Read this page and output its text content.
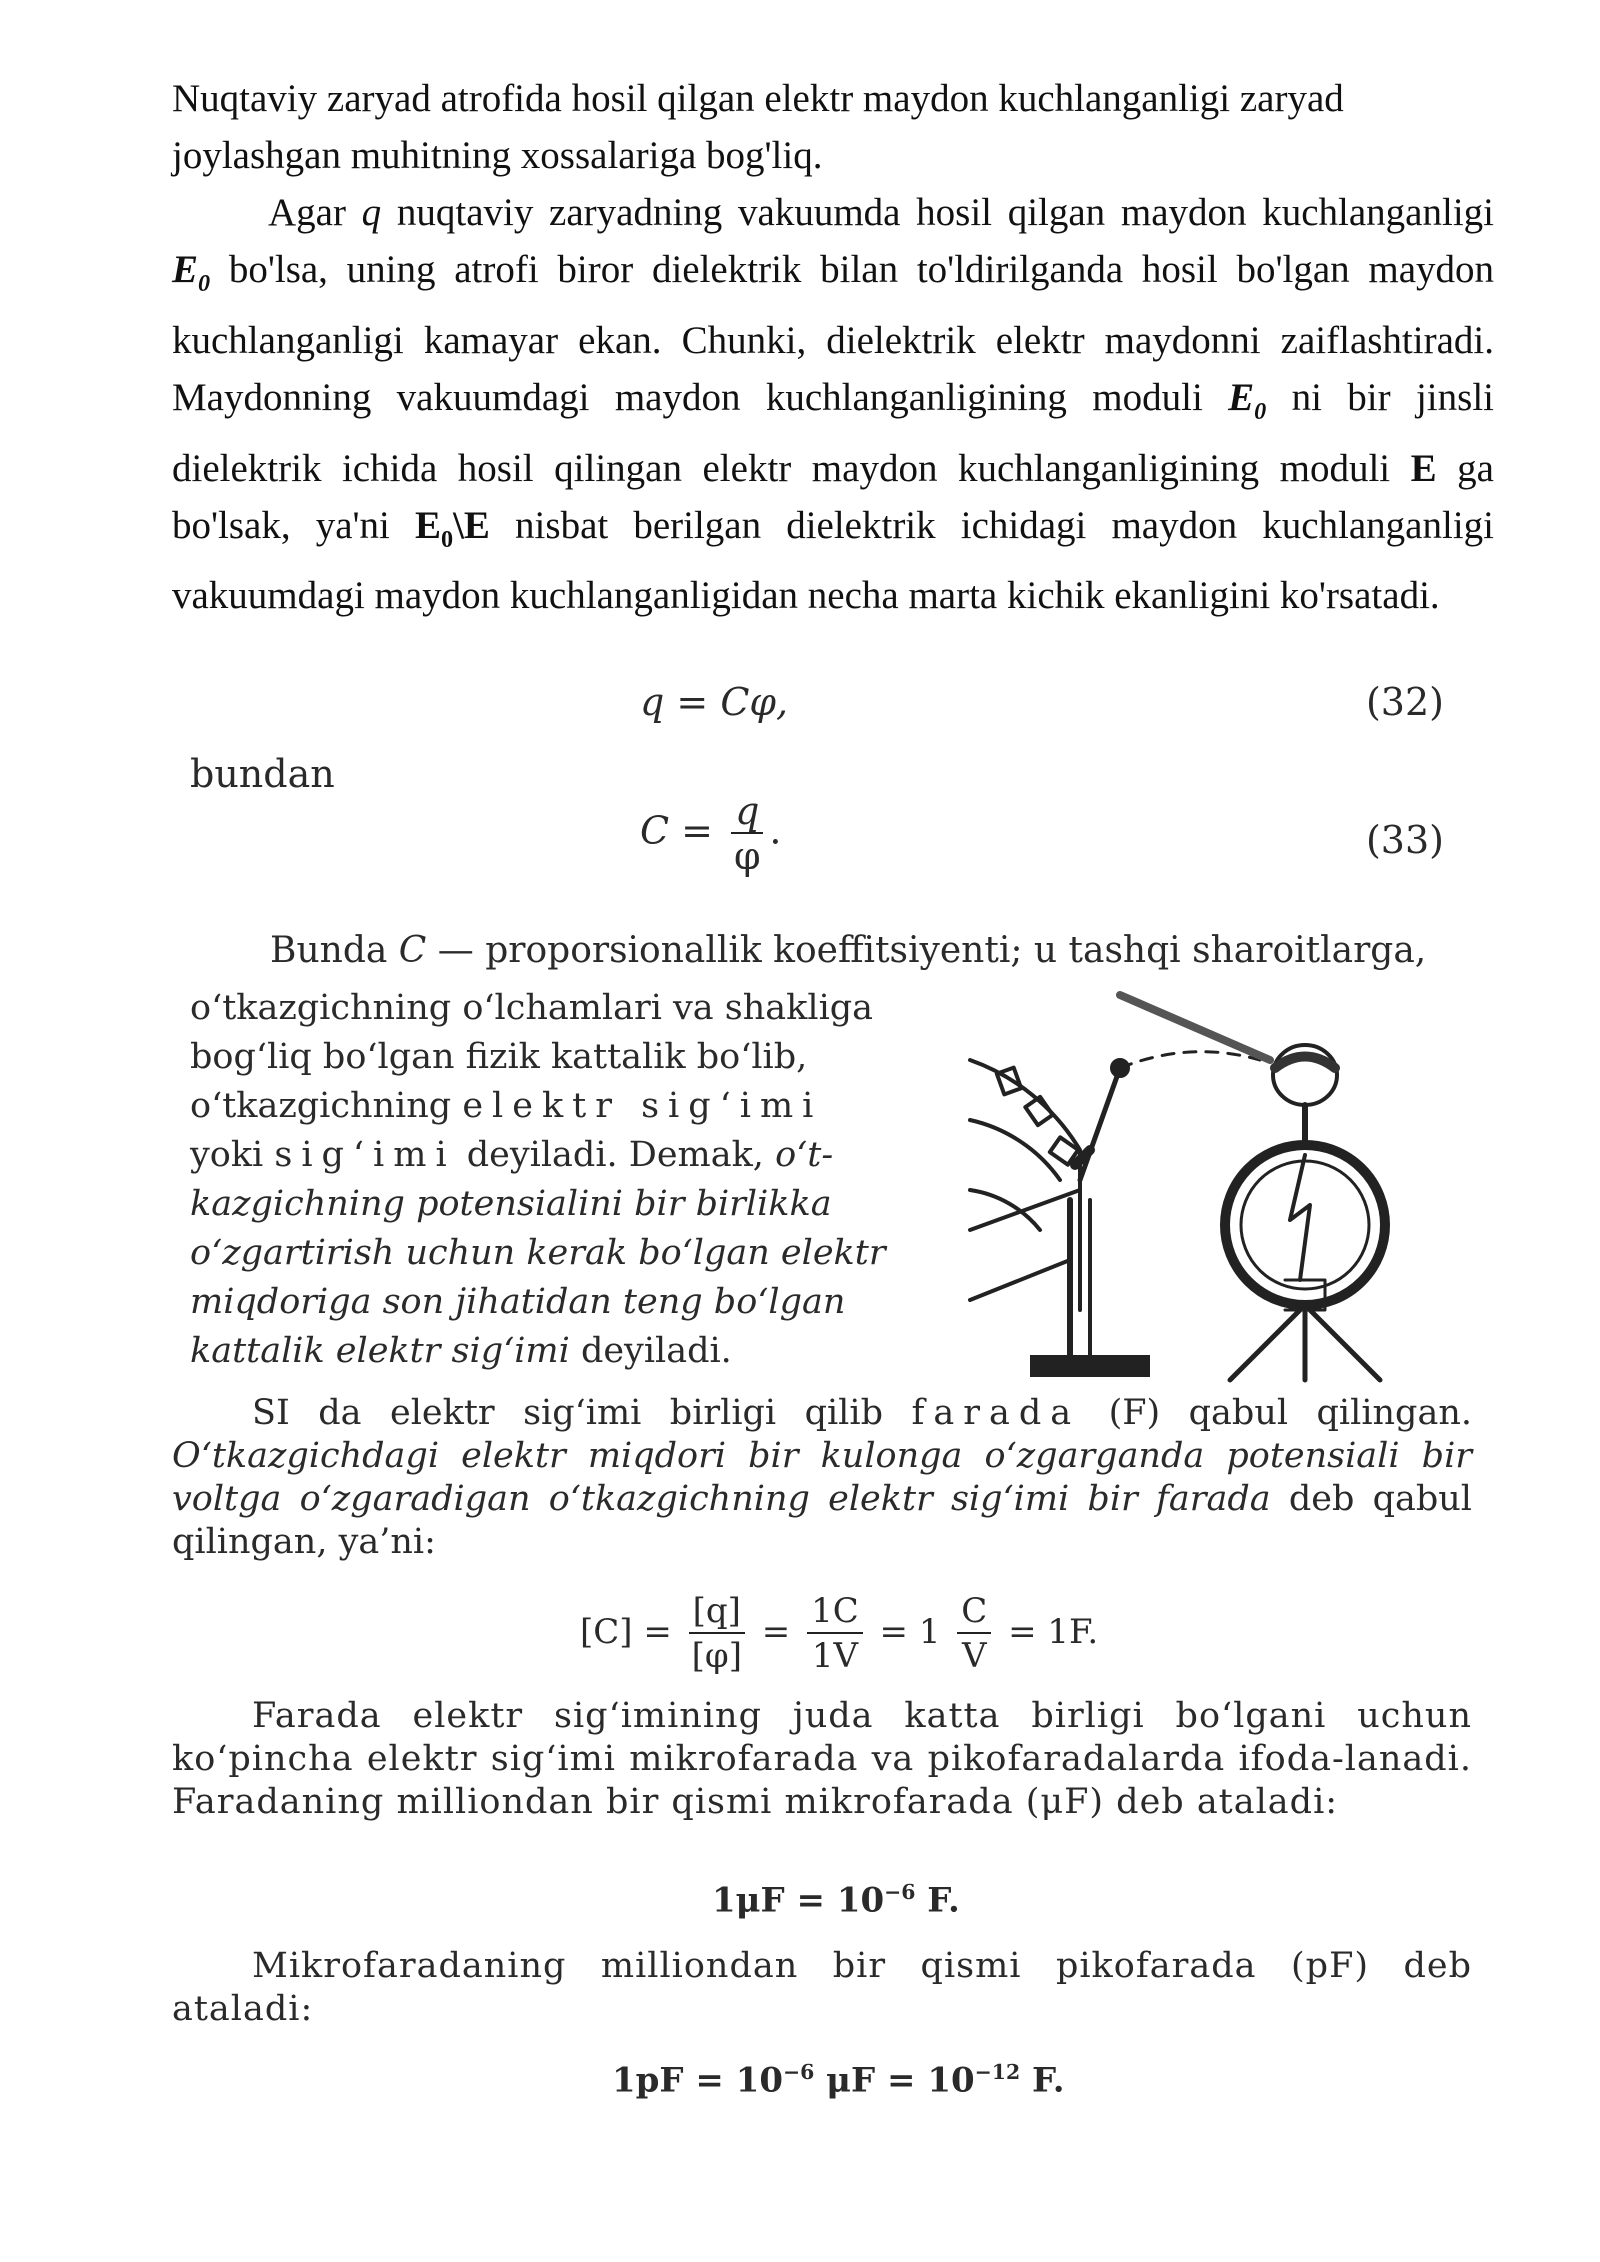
Nuqtaviy zaryad atrofida hosil qilgan elektr maydon kuchlanganligi zaryad
joylashgan muhitning xossalariga bog'liq.
Agar q nuqtaviy zaryadning vakuumda hosil qilgan maydon kuchlanganligi $E_0$ bo'lsa, uning atrofi biror dielektrik bilan to'ldirilganda hosil bo'lgan maydon kuchlanganligi kamayar ekan. Chunki, dielektrik elektr maydonni zaiflashtiradi. Maydonning vakuumdagi maydon kuchlanganligining moduli $E_0$ ni bir jinsli dielektrik ichida hosil qilingan elektr maydon kuchlanganligining moduli E ga bo'lsak, ya'ni $E_0\backslash E$ nisbat berilgan dielektrik ichidagi maydon kuchlanganligi vakuumdagi maydon kuchlanganligidan necha marta kichik ekanligini ko'rsatadi.
q = Cφ,	(32)
bundan
$C = \frac{q}{\varphi}$ .	(33)
Bunda C — proporsionallik koeffitsiyenti; u tashqi sharoitlarga,
o‘tkazgichning o‘lchamlari va shakliga
bog‘liq bo‘lgan fizik kattalik bo‘lib,
o‘tkazgichning elektr sig‘imi
yoki sig‘imi deyiladi. Demak, o‘t-
kazgichning potensialini bir birlikka
o‘zgartirish uchun kerak bo‘lgan elektr
miqdoriga son jihatidan teng bo‘lgan
kattalik elektr sig‘imi deyiladi.
SI da elektr sig‘imi birligi qilib farada (F) qabul qilingan. O‘tkazgichdagi elektr miqdori bir kulonga o‘zgarganda potensiali bir voltga o‘zgaradigan o‘tkazgichning elektr sig‘imi bir farada deb qabul qilingan, ya’ni:
$[C] = \frac{[q]}{[\varphi]} = \frac{1C}{1V} = 1 \frac{C}{V} = 1F$.
Farada elektr sig‘imining juda katta birligi bo‘lgani uchun ko‘pincha elektr sig‘imi mikrofarada va pikofaradalarda ifoda-lanadi. Faradaning milliondan bir qismi mikrofarada (μF) deb ataladi:
$1\mu F = 10^{-6}$ F.
Mikrofaradaning milliondan bir qismi pikofarada (pF) deb ataladi:
$1pF = 10^{-6}$ $\mu F = 10^{-12}$ F.
